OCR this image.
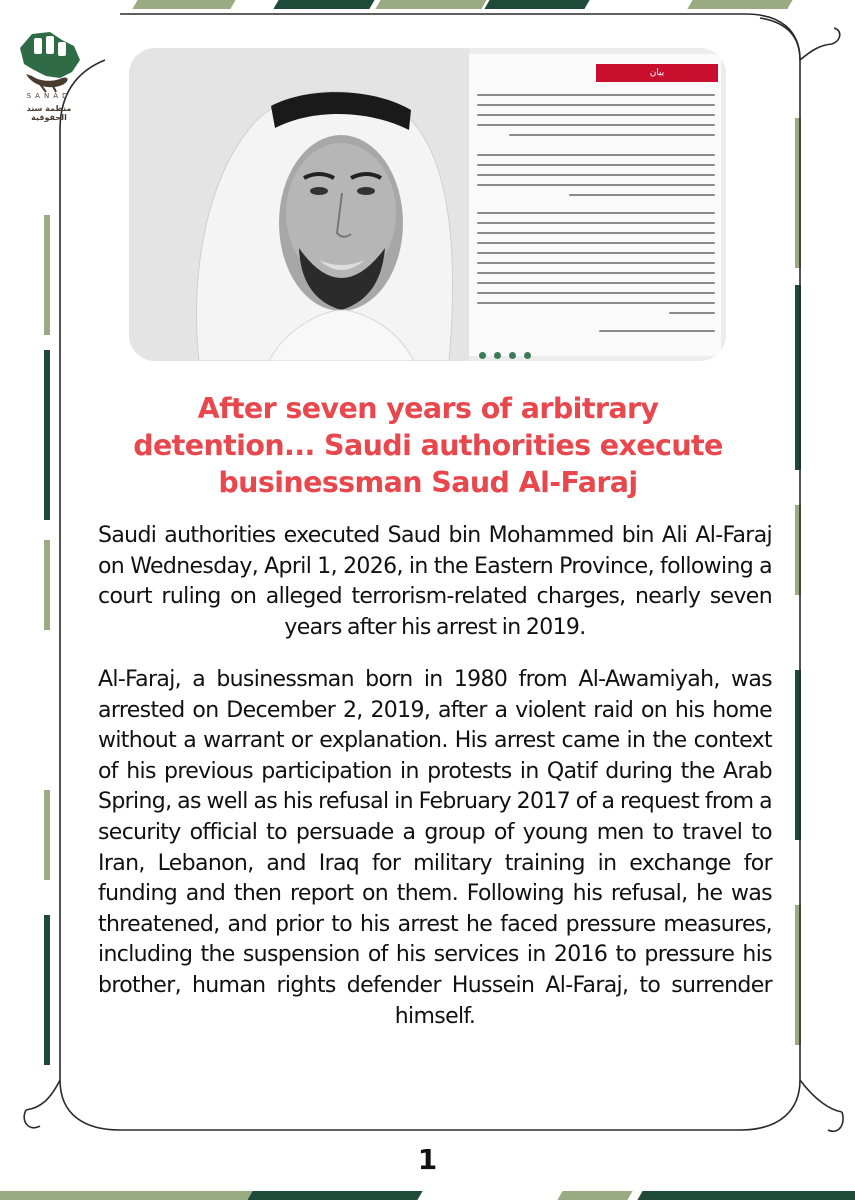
SANAD
منظمة سند الحقوقية
بيان

After seven years of arbitrary detention... Saudi authorities execute businessman Saud Al-Faraj
Saudi authorities executed Saud bin Mohammed bin Ali Al-Faraj on Wednesday, April 1, 2026, in the Eastern Province, following a court ruling on alleged terrorism-related charges, nearly seven years after his arrest in 2019.
Al-Faraj, a businessman born in 1980 from Al-Awamiyah, was arrested on December 2, 2019, after a violent raid on his home without a warrant or explanation. His arrest came in the context of his previous participation in protests in Qatif during the Arab Spring, as well as his refusal in February 2017 of a request from a security official to persuade a group of young men to travel to Iran, Lebanon, and Iraq for military training in exchange for funding and then report on them. Following his refusal, he was threatened, and prior to his arrest he faced pressure measures, including the suspension of his services in 2016 to pressure his brother, human rights defender Hussein Al-Faraj, to surrender himself.
1
